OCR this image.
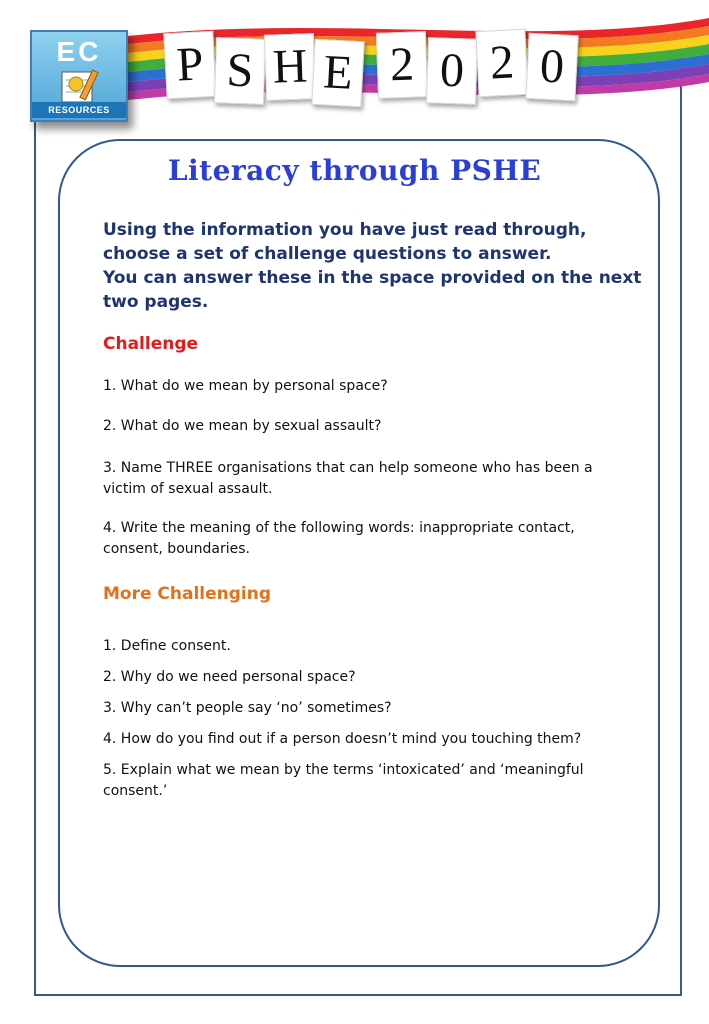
EC
RESOURCES
P S H E 2 0 2 0
Literacy through PSHE

Using the information you have just read through, choose a set of challenge questions to answer.

You can answer these in the space provided on the next two pages.

Challenge
1. What do we mean by personal space?
2. What do we mean by sexual assault?
3. Name THREE organisations that can help someone who has been a victim of sexual assault.
4. Write the meaning of the following words: inappropriate contact, consent, boundaries.
More Challenging
1. Define consent.
2. Why do we need personal space?
3. Why can’t people say ‘no’ sometimes?
4. How do you find out if a person doesn’t mind you touching them?
5. Explain what we mean by the terms ‘intoxicated’ and ‘meaningful consent.’
